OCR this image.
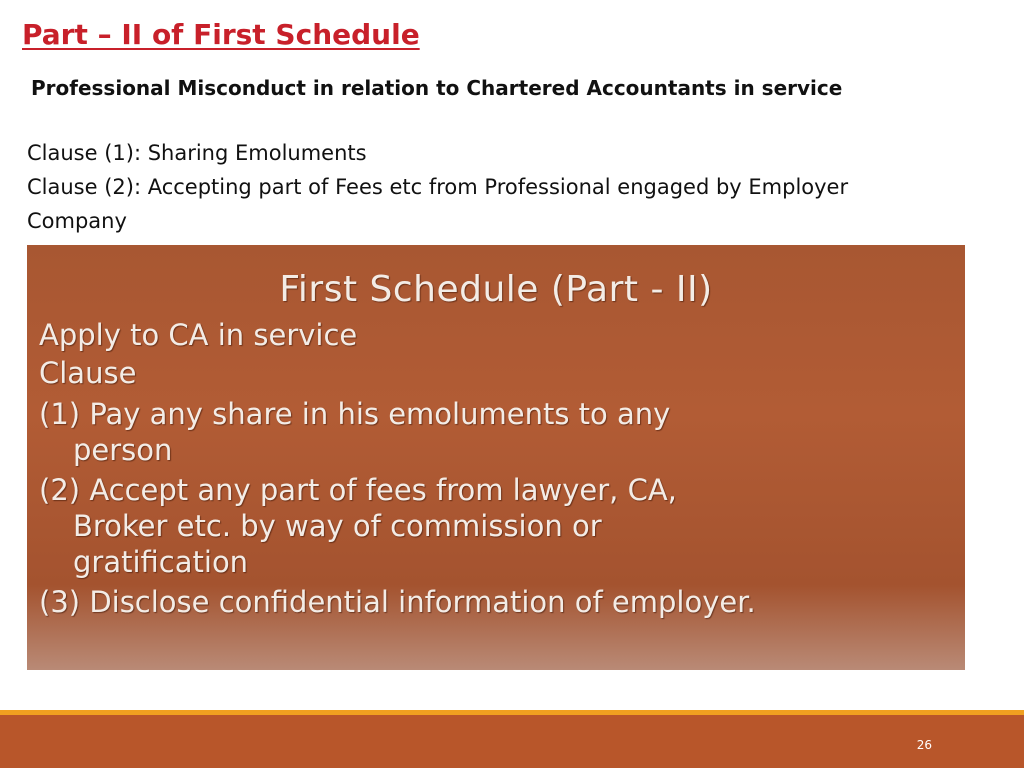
Part – II of First Schedule
Professional Misconduct in relation to Chartered Accountants in service
Clause (1): Sharing Emoluments
Clause (2): Accepting part of Fees etc from Professional engaged by Employer
Company
First Schedule (Part - II)
Apply to CA in service
Clause
(1) Pay any share in his emoluments to any
person
(2) Accept any part of fees from lawyer, CA,
Broker etc. by way of commission or
gratification
(3) Disclose confidential information of employer.
26
